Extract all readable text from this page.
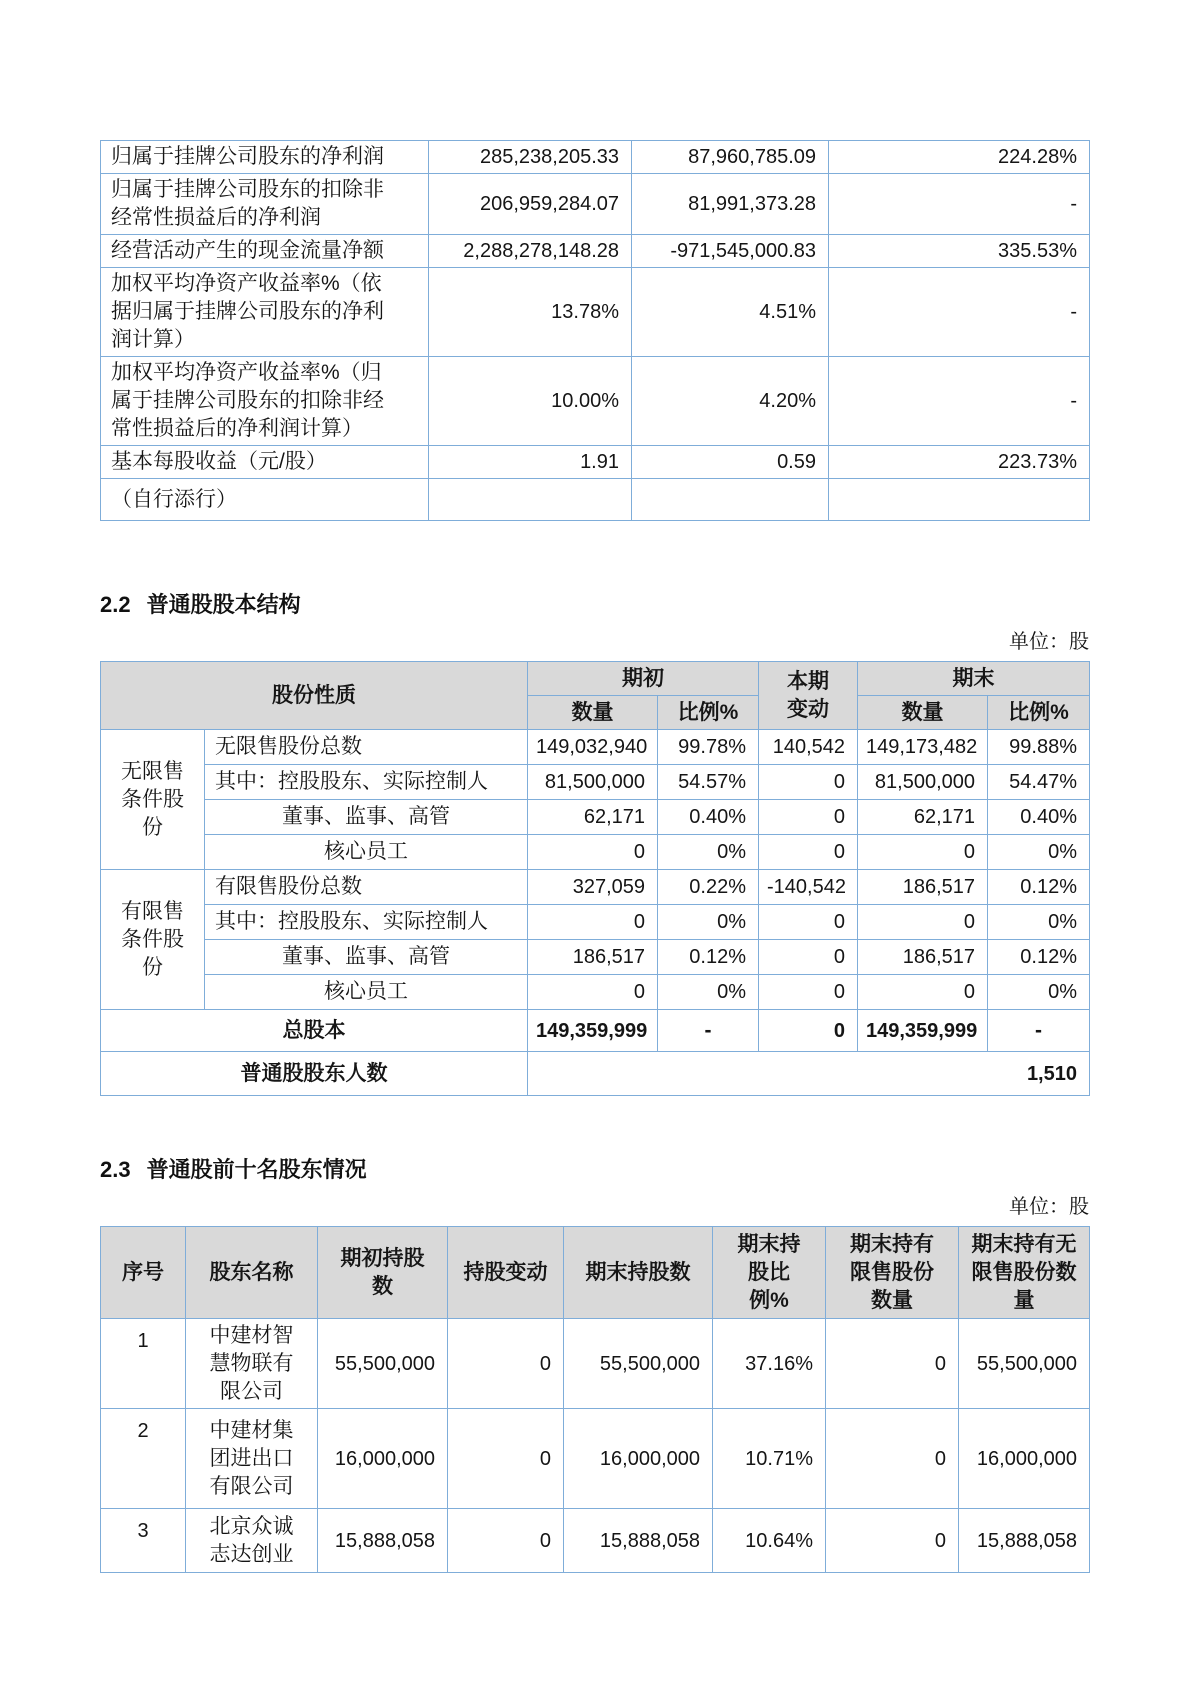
归属于挂牌公司股东的净利润	285,238,205.33	87,960,785.09	224.28%
归属于挂牌公司股东的扣除非经常性损益后的净利润	206,959,284.07	81,991,373.28	-
经营活动产生的现金流量净额	2,288,278,148.28	-971,545,000.83	335.53%
加权平均净资产收益率%（依据归属于挂牌公司股东的净利润计算）	13.78%	4.51%	-
加权平均净资产收益率%（归属于挂牌公司股东的扣除非经常性损益后的净利润计算）	10.00%	4.20%	-
基本每股收益（元/股）	1.91	0.59	223.73%
（自行添行）			
2.2 普通股股本结构
单位：股
股份性质		期初		本期变动	期末	
		数量	比例%		数量	比例%
无限售条件股份	无限售股份总数	149,032,940	99.78%	140,542	149,173,482	99.88%
	其中：控股股东、实际控制人	81,500,000	54.57%	0	81,500,000	54.47%
	董事、监事、高管	62,171	0.40%	0	62,171	0.40%
	核心员工	0	0%	0	0	0%
有限售条件股份	有限售股份总数	327,059	0.22%	-140,542	186,517	0.12%
	其中：控股股东、实际控制人	0	0%	0	0	0%
	董事、监事、高管	186,517	0.12%	0	186,517	0.12%
	核心员工	0	0%	0	0	0%
总股本		149,359,999	-	0	149,359,999	-
普通股股东人数		1,510				
2.3 普通股前十名股东情况
单位：股
序号	股东名称	期初持股数	持股变动	期末持股数	期末持股比例%	期末持有限售股份数量	期末持有无限售股份数量
1	中建材智慧物联有限公司	55,500,000	0	55,500,000	37.16%	0	55,500,000
2	中建材集团进出口有限公司	16,000,000	0	16,000,000	10.71%	0	16,000,000
3	北京众诚志达创业	15,888,058	0	15,888,058	10.64%	0	15,888,058
